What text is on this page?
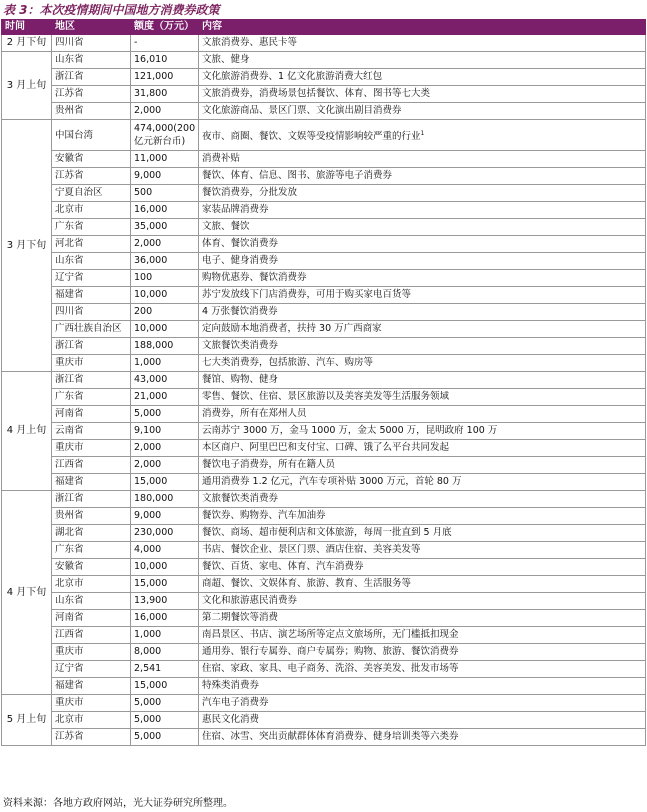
表 3：本次疫情期间中国地方消费券政策
时间	地区	额度（万元）	内容
2 月下旬	四川省	-	文旅消费券、惠民卡等
3 月上旬	山东省	16,010	文旅、健身
	浙江省	121,000	文化旅游消费券、1 亿文化旅游消费大红包
	江苏省	31,800	文旅消费券，消费场景包括餐饮、体育、图书等七大类
	贵州省	2,000	文化旅游商品、景区门票、文化演出剧目消费券
3 月下旬	中国台湾	474,000(200 亿元新台币)	夜市、商圈、餐饮、文娱等受疫情影响较严重的行业$^1$
	安徽省	11,000	消费补贴
	江苏省	9,000	餐饮、体育、信息、图书、旅游等电子消费券
	宁夏自治区	500	餐饮消费券，分批发放
	北京市	16,000	家装品牌消费券
	广东省	35,000	文旅、餐饮
	河北省	2,000	体育、餐饮消费券
	山东省	36,000	电子、健身消费券
	辽宁省	100	购物优惠券、餐饮消费券
	福建省	10,000	苏宁发放线下门店消费券，可用于购买家电百货等
	四川省	200	4 万张餐饮消费券
	广西壮族自治区	10,000	定向鼓励本地消费者，扶持 30 万广西商家
	浙江省	188,000	文旅餐饮类消费券
	重庆市	1,000	七大类消费券，包括旅游、汽车、购房等
4 月上旬	浙江省	43,000	餐馆、购物、健身
	广东省	21,000	零售、餐饮、住宿、景区旅游以及美容美发等生活服务领域
	河南省	5,000	消费券，所有在郑州人员
	云南省	9,100	云南苏宁 3000 万，金马 1000 万，金太 5000 万，昆明政府 100 万
	重庆市	2,000	本区商户、阿里巴巴和支付宝、口碑、饿了么平台共同发起
	江西省	2,000	餐饮电子消费券，所有在籍人员
	福建省	15,000	通用消费券 1.2 亿元，汽车专项补贴 3000 万元，首轮 80 万
4 月下旬	浙江省	180,000	文旅餐饮类消费券
	贵州省	9,000	餐饮券、购物券、汽车加油券
	湖北省	230,000	餐饮、商场、超市便利店和文体旅游，每周一批直到 5 月底
	广东省	4,000	书店、餐饮企业、景区门票、酒店住宿、美容美发等
	安徽省	10,000	餐饮、百货、家电、体育、汽车消费券
	北京市	15,000	商超、餐饮、文娱体育、旅游、教育、生活服务等
	山东省	13,900	文化和旅游惠民消费券
	河南省	16,000	第二期餐饮等消费
	江西省	1,000	南昌景区、书店、演艺场所等定点文旅场所，无门槛抵扣现金
	重庆市	8,000	通用券、银行专属券、商户专属券；购物、旅游、餐饮消费券
	辽宁省	2,541	住宿、家政、家具、电子商务、洗浴、美容美发、批发市场等
	福建省	15,000	特殊类消费券
5 月上旬	重庆市	5,000	汽车电子消费券
	北京市	5,000	惠民文化消费
	江苏省	5,000	住宿、冰雪、突出贡献群体体育消费券、健身培训类等六类券
资料来源：各地方政府网站，光大证券研究所整理。
